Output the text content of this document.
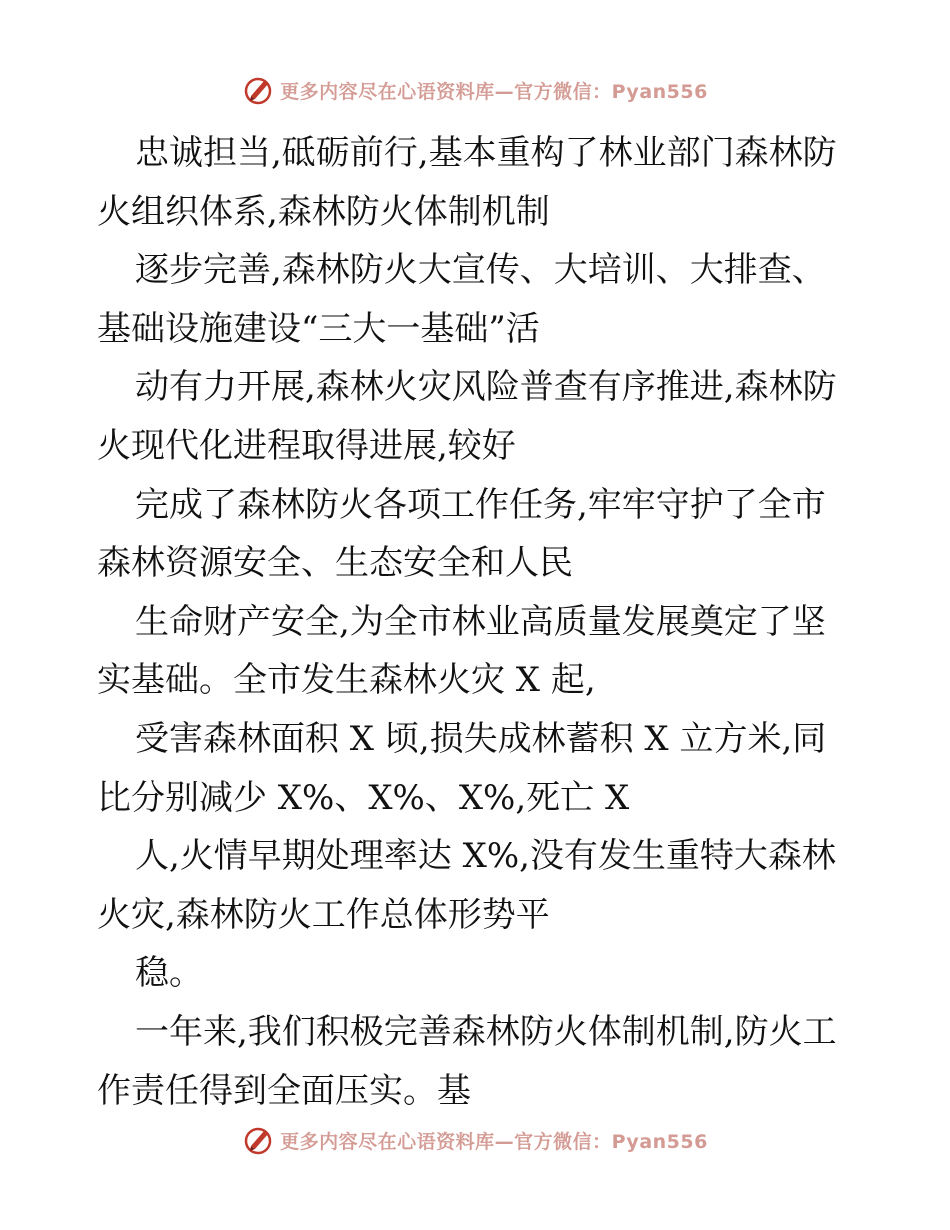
更多内容尽在心语资料库—官方微信：Pyan556
忠诚担当,砥砺前行,基本重构了林业部门森林防
火组织体系,森林防火体制机制
逐步完善,森林防火大宣传、大培训、大排查、
基础设施建设“三大一基础”活
动有力开展,森林火灾风险普查有序推进,森林防
火现代化进程取得进展,较好
完成了森林防火各项工作任务,牢牢守护了全市
森林资源安全、生态安全和人民
生命财产安全,为全市林业高质量发展奠定了坚
实基础。全市发生森林火灾 X 起,
受害森林面积 X 顷,损失成林蓄积 X 立方米,同
比分别减少 X%、X%、X%,死亡 X
人,火情早期处理率达 X%,没有发生重特大森林
火灾,森林防火工作总体形势平
稳。
一年来,我们积极完善森林防火体制机制,防火工
作责任得到全面压实。基
更多内容尽在心语资料库—官方微信：Pyan556
